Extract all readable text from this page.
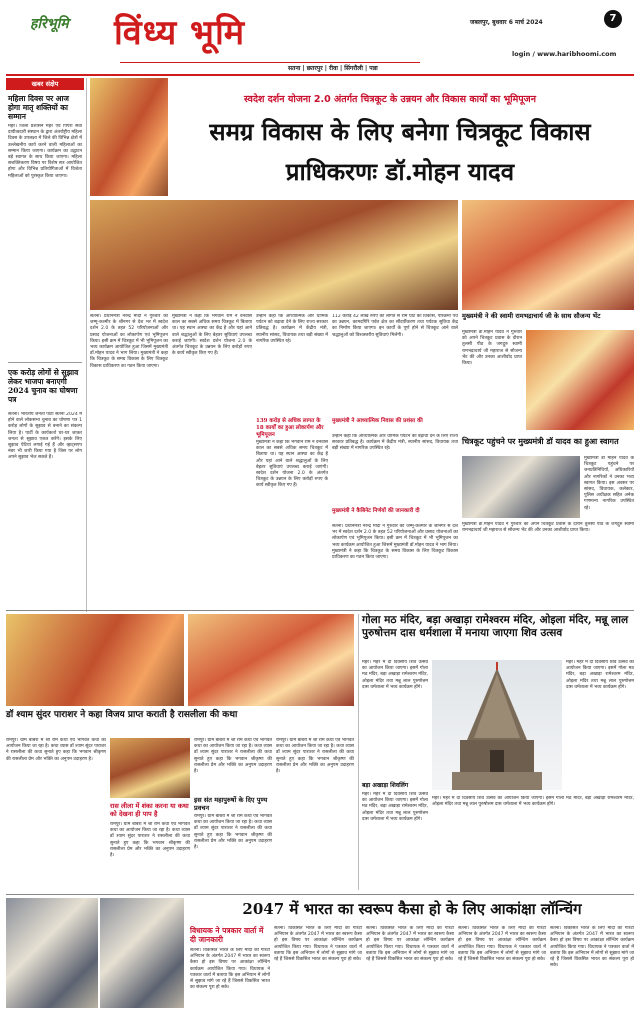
हरिभूमि विंध्य भूमि	जबलपुर, बुधवार 6 मार्च 2024	7
login / www.haribhoomi.com
सतना | छतरपुर | रीवा | सिंगरौली | पन्ना
खबर संक्षेप
महिला दिवस पर आज होगा मातृ शक्तियों का सम्मान
मैहर। जिला प्रशासन मैहर एवं पिपरा सेवा दायीत्वदारी संस्थान के द्वारा अंतर्राष्ट्रीय महिला दिवस के उपलक्ष्य में जिले की विभिन्न क्षेत्रों में उल्लेखनीय कार्य करने वाली महिलाओं का सम्मान किया जाएगा। कार्यक्रम का उद्घाटन बड़े स्वागत के साथ किया जाएगा। महिला सशक्तिकरण विषय पर विशेष सत्र आयोजित होगा और विभिन्न प्रतियोगिताओं में विजेता महिलाओं को पुरस्कृत किया जाएगा।
एक करोड़ लोगों से सुझाव लेकर भाजपा बनाएगी 2024 चुनाव का घोषणा पत्र
सतना। भारतीय जनता पार्टी सतना 2024 में होने वाले लोकसभा चुनाव का घोषणा पत्र 1 करोड़ लोगों के सुझाव से बनाने का संकल्प लिया है। पार्टी के कार्यकर्ता घर-घर जाकर जनता से सुझाव एकत्र करेंगे। इसके लिए सुझाव पेटियां लगाई गई हैं और व्हाट्सएप नंबर भी जारी किया गया है जिस पर लोग अपने सुझाव भेज सकते हैं।
स्वदेश दर्शन योजना 2.0 अंतर्गत चित्रकूट के उन्नयन और विकास कार्यों का भूमिपूजन
समग्र विकास के लिए बनेगा चित्रकूट विकास प्राधिकरणः डॉ.मोहन यादव
सतना। प्रधानमंत्री नरेन्द्र मोदी ने गुरुवार को जम्मू-कश्मीर के श्रीनगर से देश भर में स्वदेश दर्शन 2.0 के तहत 52 परियोजनाओं और प्रसाद योजनाओं का लोकार्पण एवं भूमिपूजन किया। इसी क्रम में चित्रकूट में भी भूमिपूजन का भव्य कार्यक्रम आयोजित हुआ जिसमें मुख्यमंत्री डॉ.मोहन यादव ने भाग लिया। मुख्यमंत्री ने कहा कि चित्रकूट के समग्र विकास के लिए चित्रकूट विकास प्राधिकरण का गठन किया जाएगा।
मुख्यमंत्री ने कहा कि भगवान राम ने वनवास काल का सबसे अधिक समय चित्रकूट में बिताया था। यह स्थान आस्था का केंद्र है और यहां आने वाले श्रद्धालुओं के लिए बेहतर सुविधाएं उपलब्ध कराई जाएंगी। स्वदेश दर्शन योजना 2.0 के अंतर्गत चित्रकूट के उन्नयन के लिए करोड़ों रुपए के कार्य स्वीकृत किए गए हैं।
उन्होंने कहा कि आध्यात्मिक और धार्मिक पर्यटन को बढ़ावा देने के लिए राज्य सरकार प्रतिबद्ध है। कार्यक्रम में केंद्रीय मंत्री, स्थानीय सांसद, विधायक तथा बड़ी संख्या में नागरिक उपस्थित रहे।
139 करोड़ से अधिक लागत के 18 कार्यों का हुआ लोकार्पण और भूमिपूजन
मुख्यमंत्री ने कहा कि भगवान राम ने वनवास काल का सबसे अधिक समय चित्रकूट में बिताया था। यह स्थान आस्था का केंद्र है और यहां आने वाले श्रद्धालुओं के लिए बेहतर सुविधाएं उपलब्ध कराई जाएंगी। स्वदेश दर्शन योजना 2.0 के अंतर्गत चित्रकूट के उन्नयन के लिए करोड़ों रुपए के कार्य स्वीकृत किए गए हैं।
112 करोड़ 42 लाख रुपए की लागत से राम घाट का विकास, परिक्रमा पथ का उन्नयन, कामदगिरि पर्वत क्षेत्र का सौंदर्यीकरण तथा पर्यटक सुविधा केंद्र का निर्माण किया जाएगा। इन कार्यों के पूर्ण होने से चित्रकूट आने वाले श्रद्धालुओं को विश्वस्तरीय सुविधाएं मिलेंगी।
मुख्यमंत्री ने आध्यात्मिक निवास की प्रशंसा की
उन्होंने कहा कि आध्यात्मिक और धार्मिक पर्यटन को बढ़ावा देने के लिए राज्य सरकार प्रतिबद्ध है। कार्यक्रम में केंद्रीय मंत्री, स्थानीय सांसद, विधायक तथा बड़ी संख्या में नागरिक उपस्थित रहे।
मुख्यमंत्री ने कैबिनेट निर्णयों की जानकारी दी
सतना। प्रधानमंत्री नरेन्द्र मोदी ने गुरुवार को जम्मू-कश्मीर के श्रीनगर से देश भर में स्वदेश दर्शन 2.0 के तहत 52 परियोजनाओं और प्रसाद योजनाओं का लोकार्पण एवं भूमिपूजन किया। इसी क्रम में चित्रकूट में भी भूमिपूजन का भव्य कार्यक्रम आयोजित हुआ जिसमें मुख्यमंत्री डॉ.मोहन यादव ने भाग लिया। मुख्यमंत्री ने कहा कि चित्रकूट के समग्र विकास के लिए चित्रकूट विकास प्राधिकरण का गठन किया जाएगा।
मुख्यमंत्री ने की स्वामी रामभद्राचार्य जी के साथ सौजन्य भेंट
मुख्यमंत्री डॉ.मोहन यादव ने गुरुवार को अपने चित्रकूट प्रवास के दौरान तुलसी पीठ के जगद्गुरु स्वामी रामभद्राचार्य जी महाराज से सौजन्य भेंट की और उनका आशीर्वाद प्राप्त किया।
चित्रकूट पहुंचने पर मुख्यमंत्री डॉ यादव का हुआ स्वागत
मुख्यमंत्री डॉ मोहन यादव के चित्रकूट पहुंचने पर जनप्रतिनिधियों, अधिकारियों और नागरिकों ने उनका भव्य स्वागत किया। इस अवसर पर सांसद, विधायक, कलेक्टर, पुलिस अधीक्षक सहित अनेक गणमान्य नागरिक उपस्थित रहे।
मुख्यमंत्री डॉ.मोहन यादव ने गुरुवार को अपने चित्रकूट प्रवास के दौरान तुलसी पीठ के जगद्गुरु स्वामी रामभद्राचार्य जी महाराज से सौजन्य भेंट की और उनका आशीर्वाद प्राप्त किया।
डॉ श्याम सुंदर पाराशर ने कहा विजय प्राप्त कराती है रासलीला की कथा
रामपुर। ग्राम बाबरा में श्री राम कथा एवं भागवत कथा का आयोजन किया जा रहा है। कथा व्यास डॉ श्याम सुंदर पाराशर ने रासलीला की कथा सुनाते हुए कहा कि भगवान श्रीकृष्ण की रासलीला प्रेम और भक्ति का अनुपम उदाहरण है।
रास लीला में शंका करना या कथा को देखना ही पाप है
रामपुर। ग्राम बाबरा में श्री राम कथा एवं भागवत कथा का आयोजन किया जा रहा है। कथा व्यास डॉ श्याम सुंदर पाराशर ने रासलीला की कथा सुनाते हुए कहा कि भगवान श्रीकृष्ण की रासलीला प्रेम और भक्ति का अनुपम उदाहरण है।
रामपुर। ग्राम बाबरा में श्री राम कथा एवं भागवत कथा का आयोजन किया जा रहा है। कथा व्यास डॉ श्याम सुंदर पाराशर ने रासलीला की कथा सुनाते हुए कहा कि भगवान श्रीकृष्ण की रासलीला प्रेम और भक्ति का अनुपम उदाहरण है।
इस संत महापुरुषों के दिए पुण्य प्रवचन
रामपुर। ग्राम बाबरा में श्री राम कथा एवं भागवत कथा का आयोजन किया जा रहा है। कथा व्यास डॉ श्याम सुंदर पाराशर ने रासलीला की कथा सुनाते हुए कहा कि भगवान श्रीकृष्ण की रासलीला प्रेम और भक्ति का अनुपम उदाहरण है।
रामपुर। ग्राम बाबरा में श्री राम कथा एवं भागवत कथा का आयोजन किया जा रहा है। कथा व्यास डॉ श्याम सुंदर पाराशर ने रासलीला की कथा सुनाते हुए कहा कि भगवान श्रीकृष्ण की रासलीला प्रेम और भक्ति का अनुपम उदाहरण है।
गोला मठ मंदिर, बड़ा अखाड़ा रामेश्वरम मंदिर, ओइला मंदिर, मन्नू लाल पुरुषोत्तम दास धर्मशाला में मनाया जाएगा शिव उत्सव
मैहर। मैहर में दो दिवसीय शिव उत्सव का आयोजन किया जाएगा। इसमें गोला मठ मंदिर, बड़ा अखाड़ा रामेश्वरम मंदिर, ओइला मंदिर तथा मन्नू लाल पुरुषोत्तम दास धर्मशाला में भव्य कार्यक्रम होंगे।
बड़ा अखाड़ा शिवलिंग
मैहर। मैहर में दो दिवसीय शिव उत्सव का आयोजन किया जाएगा। इसमें गोला मठ मंदिर, बड़ा अखाड़ा रामेश्वरम मंदिर, ओइला मंदिर तथा मन्नू लाल पुरुषोत्तम दास धर्मशाला में भव्य कार्यक्रम होंगे।
मैहर। मैहर में दो दिवसीय शिव उत्सव का आयोजन किया जाएगा। इसमें गोला मठ मंदिर, बड़ा अखाड़ा रामेश्वरम मंदिर, ओइला मंदिर तथा मन्नू लाल पुरुषोत्तम दास धर्मशाला में भव्य कार्यक्रम होंगे।
मैहर। मैहर में दो दिवसीय शिव उत्सव का आयोजन किया जाएगा। इसमें गोला मठ मंदिर, बड़ा अखाड़ा रामेश्वरम मंदिर, ओइला मंदिर तथा मन्नू लाल पुरुषोत्तम दास धर्मशाला में भव्य कार्यक्रम होंगे।
2047 में भारत का स्वरूप कैसा हो के लिए आकांक्षा लॉन्चिंग
विधायक ने पत्रकार वार्ता में दी जानकारी
सतना। विकसित भारत के लिए मोदी की गारंटी अभियान के अंतर्गत 2047 में भारत का स्वरूप कैसा हो इस विषय पर आकांक्षा लॉन्चिंग कार्यक्रम आयोजित किया गया। विधायक ने पत्रकार वार्ता में बताया कि इस अभियान में लोगों से सुझाव मांगे जा रहे हैं जिससे विकसित भारत का संकल्प पूरा हो सके।
सतना। विकसित भारत के लिए मोदी की गारंटी अभियान के अंतर्गत 2047 में भारत का स्वरूप कैसा हो इस विषय पर आकांक्षा लॉन्चिंग कार्यक्रम आयोजित किया गया। विधायक ने पत्रकार वार्ता में बताया कि इस अभियान में लोगों से सुझाव मांगे जा रहे हैं जिससे विकसित भारत का संकल्प पूरा हो सके।
सतना। विकसित भारत के लिए मोदी की गारंटी अभियान के अंतर्गत 2047 में भारत का स्वरूप कैसा हो इस विषय पर आकांक्षा लॉन्चिंग कार्यक्रम आयोजित किया गया। विधायक ने पत्रकार वार्ता में बताया कि इस अभियान में लोगों से सुझाव मांगे जा रहे हैं जिससे विकसित भारत का संकल्प पूरा हो सके।
सतना। विकसित भारत के लिए मोदी की गारंटी अभियान के अंतर्गत 2047 में भारत का स्वरूप कैसा हो इस विषय पर आकांक्षा लॉन्चिंग कार्यक्रम आयोजित किया गया। विधायक ने पत्रकार वार्ता में बताया कि इस अभियान में लोगों से सुझाव मांगे जा रहे हैं जिससे विकसित भारत का संकल्प पूरा हो सके।
सतना। विकसित भारत के लिए मोदी की गारंटी अभियान के अंतर्गत 2047 में भारत का स्वरूप कैसा हो इस विषय पर आकांक्षा लॉन्चिंग कार्यक्रम आयोजित किया गया। विधायक ने पत्रकार वार्ता में बताया कि इस अभियान में लोगों से सुझाव मांगे जा रहे हैं जिससे विकसित भारत का संकल्प पूरा हो सके।
